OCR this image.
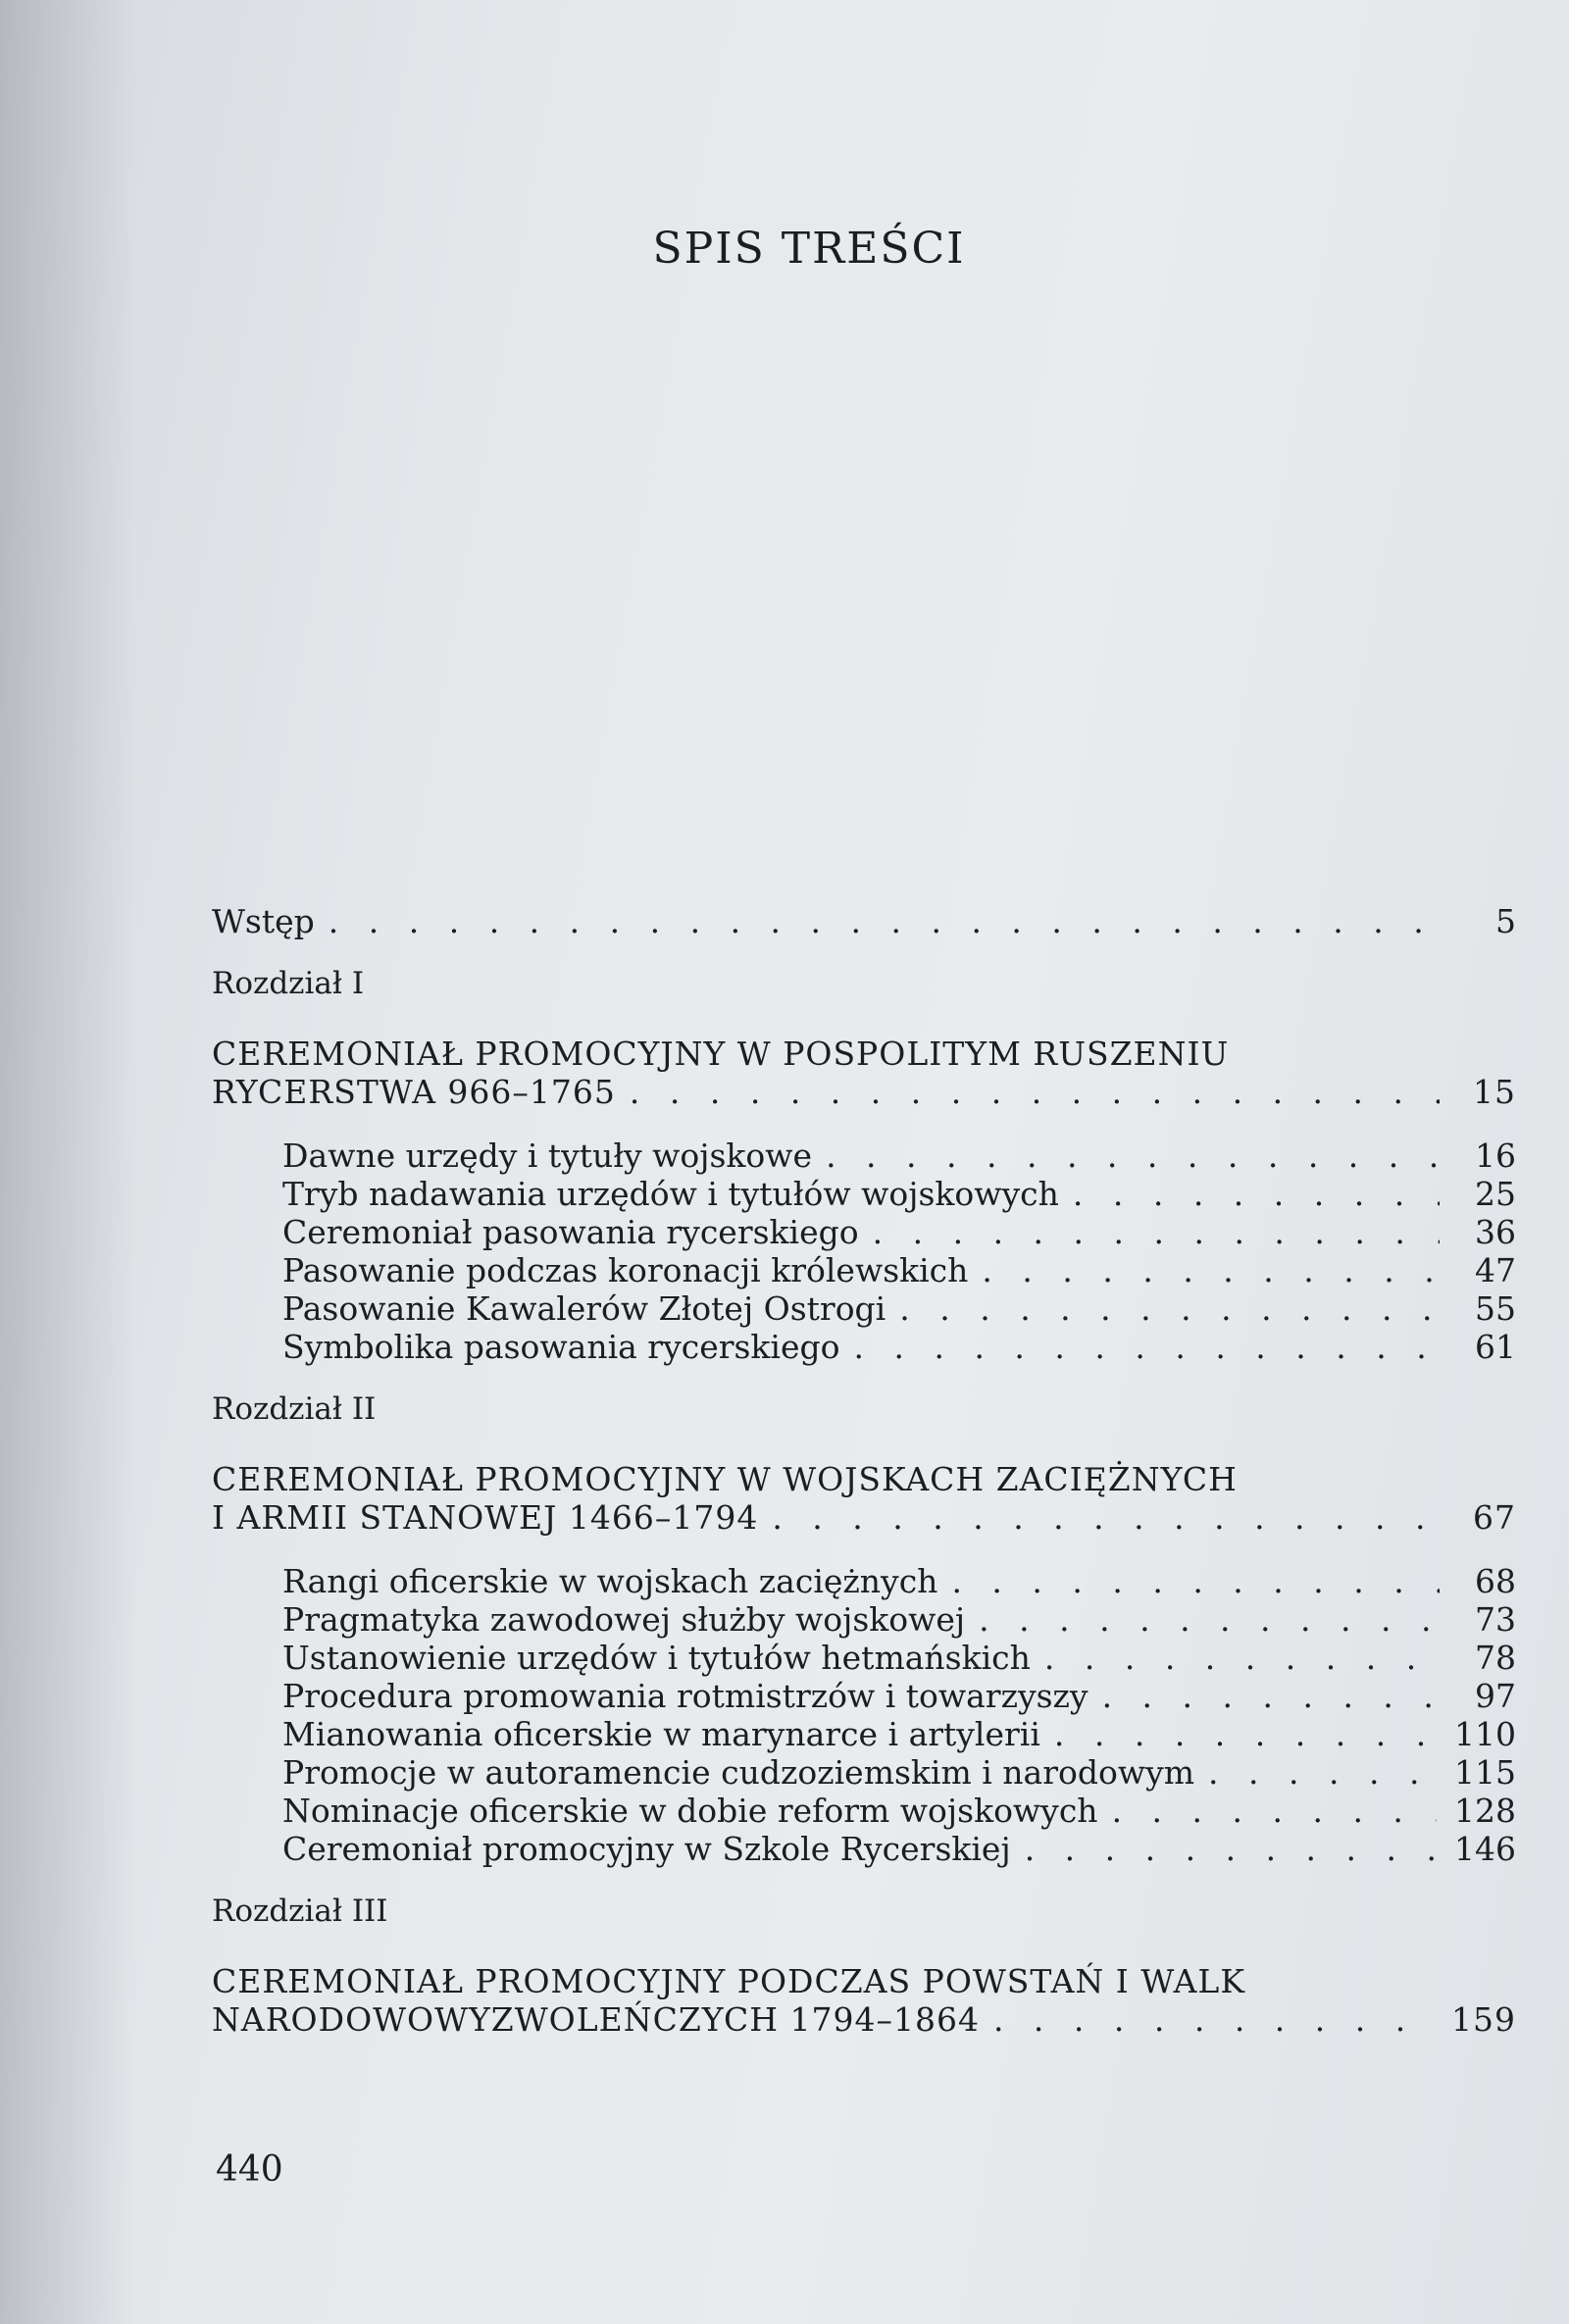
SPIS TREŚCI
Wstęp . . .	5
Rozdział I
CEREMONIAŁ PROMOCYJNY W POSPOLITYM RUSZENIU
RYCERSTWA 966–1765 . . .	15
Dawne urzędy i tytuły wojskowe . . .	16
Tryb nadawania urzędów i tytułów wojskowych . . .	25
Ceremoniał pasowania rycerskiego . . .	36
Pasowanie podczas koronacji królewskich . . .	47
Pasowanie Kawalerów Złotej Ostrogi . . .	55
Symbolika pasowania rycerskiego . . .	61
Rozdział II
CEREMONIAŁ PROMOCYJNY W WOJSKACH ZACIĘŻNYCH
I ARMII STANOWEJ 1466–1794 . . .	67
Rangi oficerskie w wojskach zaciężnych . . .	68
Pragmatyka zawodowej służby wojskowej . . .	73
Ustanowienie urzędów i tytułów hetmańskich . . .	78
Procedura promowania rotmistrzów i towarzyszy . . .	97
Mianowania oficerskie w marynarce i artylerii . . .	110
Promocje w autoramencie cudzoziemskim i narodowym . . .	115
Nominacje oficerskie w dobie reform wojskowych . . .	128
Ceremoniał promocyjny w Szkole Rycerskiej . . .	146
Rozdział III
CEREMONIAŁ PROMOCYJNY PODCZAS POWSTAŃ I WALK
NARODOWOWYZWOLEŃCZYCH 1794–1864 . . .	159
440
